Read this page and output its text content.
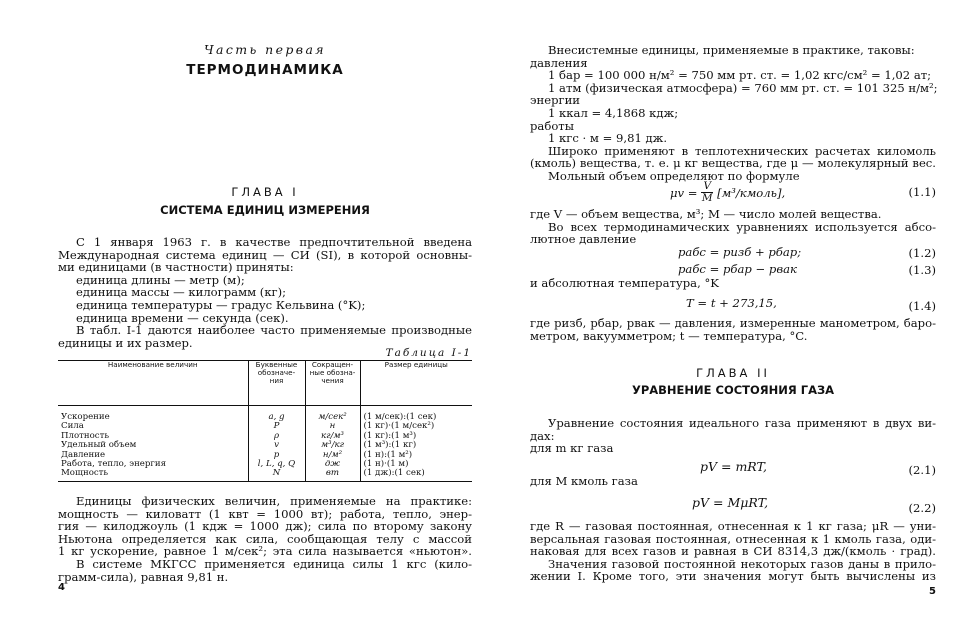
Часть первая
ТЕРМОДИНАМИКА
ГЛАВА I
СИСТЕМА ЕДИНИЦ ИЗМЕРЕНИЯ
С 1 января 1963 г. в качестве предпочтительной введена
Международная система единиц — СИ (SI), в которой основны-
ми единицами (в частности) приняты:
единица длины — метр (м);
единица массы — килограмм (кг);
единица температуры — градус Кельвина (°K);
единица времени — секунда (сек).
В табл. I-1 даются наиболее часто применяемые производные
единицы и их размер.
Таблица I-1
Наименование величин	Буквенные обозначе-ния	Сокращен-ные обозна-чения	Размер единицы
Ускорение	a, g	м/сек²	(1 м/сек):(1 сек)
Сила	P	н	(1 кг)·(1 м/сек²)
Плотность	ρ	кг/м³	(1 кг):(1 м³)
Удельный объем	v	м³/кг	(1 м³):(1 кг)
Давление	p	н/м²	(1 н):(1 м²)
Работа, тепло, энергия	l, L, q, Q	дж	(1 н)·(1 м)
Мощность	N	вт	(1 дж):(1 сек)
Единицы физических величин, применяемые на практике:
мощность — киловатт (1 квт = 1000 вт); работа, тепло, энер-
гия — килоджоуль (1 кдж = 1000 дж); сила по второму закону
Ньютона определяется как сила, сообщающая телу с массой
1 кг ускорение, равное 1 м/сек²; эта сила называется «ньютон».
В системе МКГСС применяется единица силы 1 кгс (кило-
грамм-сила), равная 9,81 н.
4
Внесистемные единицы, применяемые в практике, таковы:
давления
1 бар = 100 000 н/м² = 750 мм рт. ст. = 1,02 кгс/см² = 1,02 ат;
1 атм (физическая атмосфера) = 760 мм рт. ст. = 101 325 н/м²;
энергии
1 ккал = 4,1868 кдж;
работы
1 кгс · м = 9,81 дж.
Широко применяют в теплотехнических расчетах киломоль
(кмоль) вещества, т. е. μ кг вещества, где μ — молекулярный вес.
Мольный объем определяют по формуле
$\mu v = \frac{V}{M}$ [м³/кмоль],	(1.1)
где V — объем вещества, м³; M — число молей вещества.
Во всех термодинамических уравнениях используется абсо-
лютное давление
pабс = pизб + pбар;	(1.2)
pабс = pбар − pвак	(1.3)
и абсолютная температура, °K
T = t + 273,15,	(1.4)
где pизб, pбар, pвак — давления, измеренные манометром, баро-
метром, вакуумметром; t — температура, °C.
ГЛАВА II
УРАВНЕНИЕ СОСТОЯНИЯ ГАЗА
Уравнение состояния идеального газа применяют в двух ви-
дах:
для m кг газа
pV = mRT,	(2.1)
для M кмоль газа
pV = MμRT,	(2.2)
где R — газовая постоянная, отнесенная к 1 кг газа; μR — уни-
версальная газовая постоянная, отнесенная к 1 кмоль газа, оди-
наковая для всех газов и равная в СИ 8314,3 дж/(кмоль · град).
Значения газовой постоянной некоторых газов даны в прило-
жении I. Кроме того, эти значения могут быть вычислены из
5
